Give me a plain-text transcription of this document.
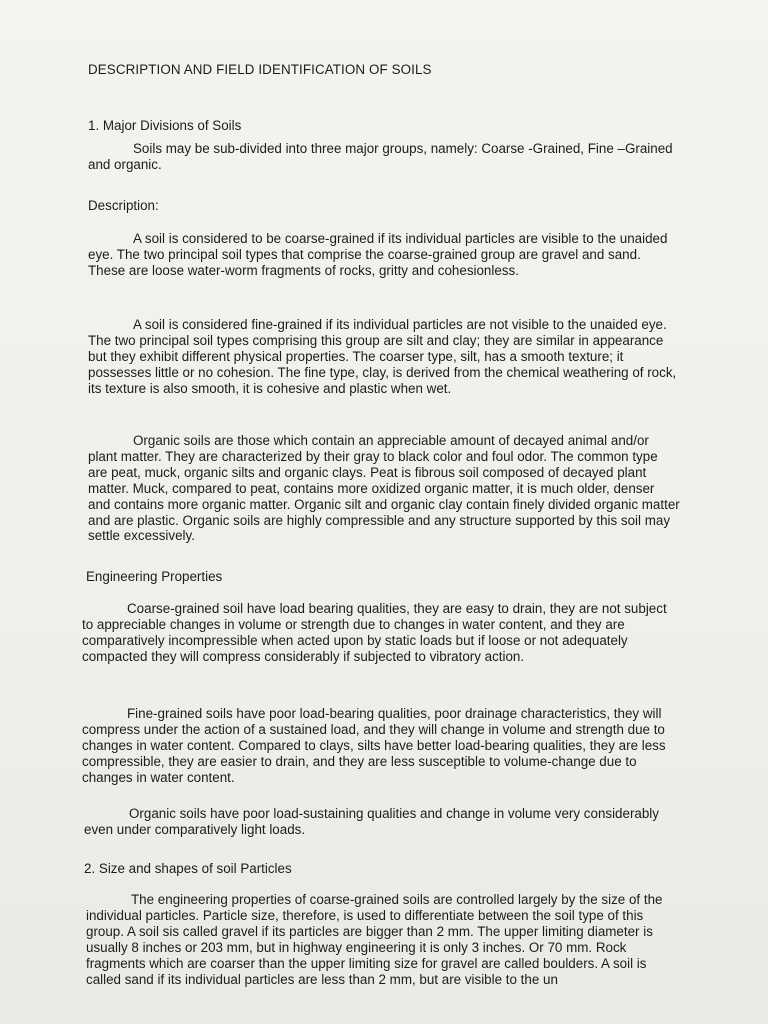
DESCRIPTION AND FIELD IDENTIFICATION OF SOILS
1. Major Divisions of Soils

Soils may be sub-divided into three major groups, namely: Coarse -Grained, Fine –Grained and organic.

Description:

A soil is considered to be coarse-grained if its individual particles are visible to the unaided eye. The two principal soil types that comprise the coarse-grained group are gravel and sand. These are loose water-worm fragments of rocks, gritty and cohesionless.

A soil is considered fine-grained if its individual particles are not visible to the unaided eye. The two principal soil types comprising this group are silt and clay; they are similar in appearance but they exhibit different physical properties. The coarser type, silt, has a smooth texture; it possesses little or no cohesion. The fine type, clay, is derived from the chemical weathering of rock, its texture is also smooth, it is cohesive and plastic when wet.

Organic soils are those which contain an appreciable amount of decayed animal and/or plant matter. They are characterized by their gray to black color and foul odor. The common type are peat, muck, organic silts and organic clays. Peat is fibrous soil composed of decayed plant matter. Muck, compared to peat, contains more oxidized organic matter, it is much older, denser and contains more organic matter. Organic silt and organic clay contain finely divided organic matter and are plastic. Organic soils are highly compressible and any structure supported by this soil may settle excessively.

Engineering Properties

Coarse-grained soil have load bearing qualities, they are easy to drain, they are not subject to appreciable changes in volume or strength due to changes in water content, and they are comparatively incompressible when acted upon by static loads but if loose or not adequately compacted they will compress considerably if subjected to vibratory action.

Fine-grained soils have poor load-bearing qualities, poor drainage characteristics, they will compress under the action of a sustained load, and they will change in volume and strength due to changes in water content. Compared to clays, silts have better load-bearing qualities, they are less compressible, they are easier to drain, and they are less susceptible to volume-change due to changes in water content.

Organic soils have poor load-sustaining qualities and change in volume very considerably even under comparatively light loads.

2. Size and shapes of soil Particles

The engineering properties of coarse-grained soils are controlled largely by the size of the individual particles. Particle size, therefore, is used to differentiate between the soil type of this group. A soil sis called gravel if its particles are bigger than 2 mm. The upper limiting diameter is usually 8 inches or 203 mm, but in highway engineering it is only 3 inches. Or 70 mm. Rock fragments which are coarser than the upper limiting size for gravel are called boulders. A soil is called sand if its individual particles are less than 2 mm, but are visible to the un
